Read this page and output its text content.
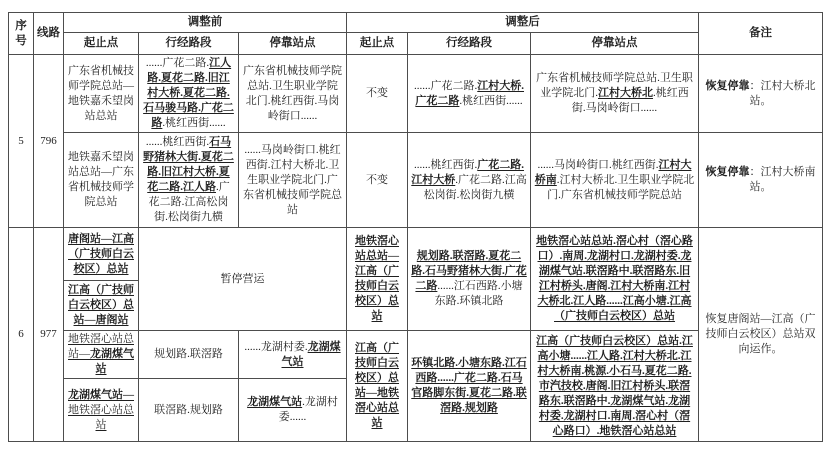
序号	线路	调整前			调整后			备注
		起止点	行经路段	停靠站点	起止点	行经路段	停靠站点	
5	796	广东省机械技师学院总站—地铁嘉禾望岗站总站	......广花二路.江人路.夏花二路.旧江村大桥.夏花二路.石马骏马路.广花二路.桃红西街......	广东省机械技师学院总站.卫生职业学院北门.桃红西街.马岗岭街口......	不变	......广花二路.江村大桥.广花二路.桃红西街......	广东省机械技师学院总站.卫生职业学院北门.江村大桥北.桃红西街.马岗岭街口......	恢复停靠：江村大桥北站。
		地铁嘉禾望岗站总站—广东省机械技师学院总站	......桃红西街.石马野猪林大街.夏花二路.旧江村大桥.夏花二路.江人路.广花二路.江高松岗街.松岗街九横	......马岗岭街口.桃红西街.江村大桥北.卫生职业学院北门.广东省机械技师学院总站	不变	......桃红西街.广花二路.江村大桥.广花二路.江高松岗街.松岗街九横	......马岗岭街口.桃红西街.江村大桥南.江村大桥北.卫生职业学院北门.广东省机械技师学院总站	恢复停靠：江村大桥南站。
6	977	唐阁站—江高（广技师白云校区）总站	暂停营运		地铁滘心站总站—江高（广技师白云校区）总站	规划路.联滘路.夏花二路.石马野猪林大街.广花二路......江石西路.小塘东路.环镇北路	地铁滘心站总站.滘心村（滘心路口）.南周.龙湖村口.龙湖村委.龙湖煤气站.联滘路中.联滘路东.旧江村桥头.唐阁.江村大桥南.江村大桥北.江人路......江高小塘.江高（广技师白云校区）总站	恢复唐阁站—江高（广技师白云校区）总站双向运作。
		江高（广技师白云校区）总站—唐阁站						
		地铁滘心站总站—龙湖煤气站	规划路.联滘路	......龙湖村委.龙湖煤气站	江高（广技师白云校区）总站—地铁滘心站总站	环镇北路.小塘东路.江石西路......广花二路.石马官路脚东街.夏花二路.联滘路.规划路	江高（广技师白云校区）总站.江高小塘......江人路.江村大桥北.江村大桥南.桃源.小石马.夏花二路.市汽技校.唐阁.旧江村桥头.联滘路东.联滘路中.龙湖煤气站.龙湖村委.龙湖村口.南周.滘心村（滘心路口）.地铁滘心站总站	
		龙湖煤气站—地铁滘心站总站	联滘路.规划路	龙湖煤气站.龙湖村委......				
